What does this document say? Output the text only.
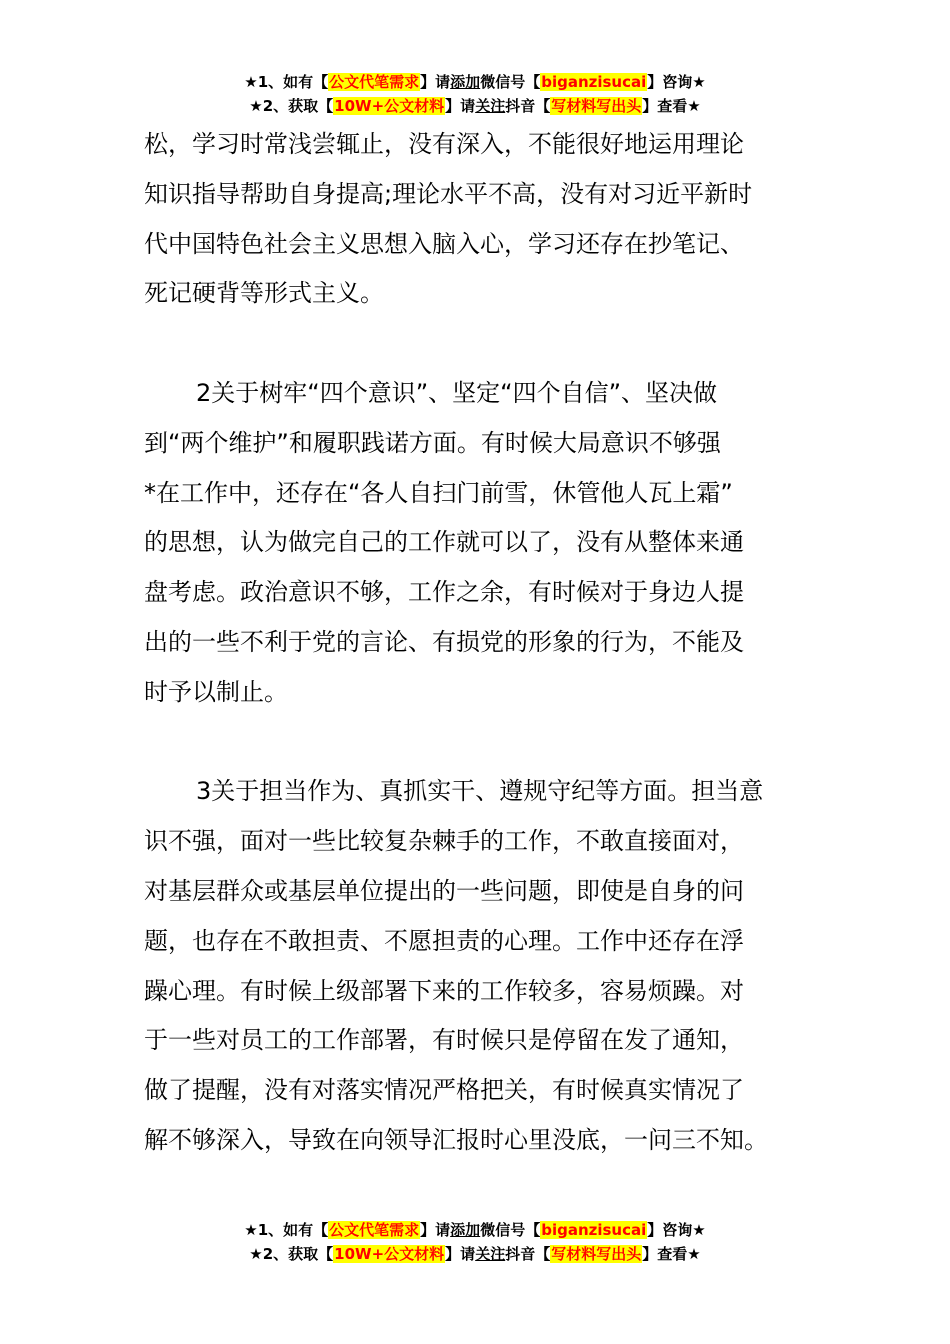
★1、如有【公文代笔需求】请添加微信号【biganzisucai】咨询★
★2、获取【10W+公文材料】请关注抖音【写材料写出头】查看★
松，学习时常浅尝辄止，没有深入，不能很好地运用理论
知识指导帮助自身提高;理论水平不高，没有对习近平新时
代中国特色社会主义思想入脑入心，学习还存在抄笔记、
死记硬背等形式主义。
2关于树牢“四个意识”、坚定“四个自信”、坚决做
到“两个维护”和履职践诺方面。有时候大局意识不够强
*在工作中，还存在“各人自扫门前雪，休管他人瓦上霜”
的思想，认为做完自己的工作就可以了，没有从整体来通
盘考虑。政治意识不够，工作之余，有时候对于身边人提
出的一些不利于党的言论、有损党的形象的行为，不能及
时予以制止。
3关于担当作为、真抓实干、遵规守纪等方面。担当意
识不强，面对一些比较复杂棘手的工作，不敢直接面对，
对基层群众或基层单位提出的一些问题，即使是自身的问
题，也存在不敢担责、不愿担责的心理。工作中还存在浮
躁心理。有时候上级部署下来的工作较多，容易烦躁。对
于一些对员工的工作部署，有时候只是停留在发了通知，
做了提醒，没有对落实情况严格把关，有时候真实情况了
解不够深入，导致在向领导汇报时心里没底，一问三不知。
★1、如有【公文代笔需求】请添加微信号【biganzisucai】咨询★
★2、获取【10W+公文材料】请关注抖音【写材料写出头】查看★
